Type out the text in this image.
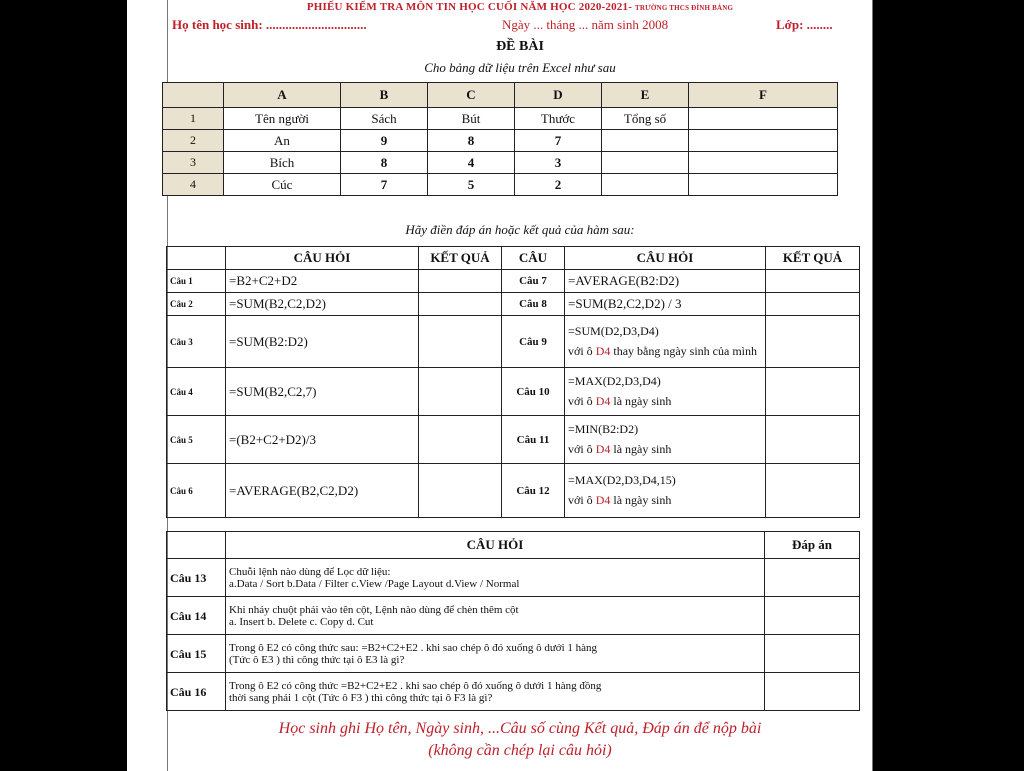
PHIẾU KIỂM TRA MÔN TIN HỌC CUỐI NĂM HỌC 2020-2021- TRƯỜNG THCS ĐÌNH BẢNG
Họ tên học sinh: ...............................	Ngày ... tháng ... năm sinh 2008	Lớp: ........
ĐỀ BÀI
Cho bảng dữ liệu trên Excel như sau
	A	B	C	D	E	F
1	Tên người	Sách	Bút	Thước	Tổng số	
2	An	9	8	7		
3	Bích	8	4	3		
4	Cúc	7	5	2		
Hãy điền đáp án hoặc kết quả của hàm sau:
	CÂU HỎI	KẾT QUẢ	CÂU	CÂU HỎI	KẾT QUẢ
Câu 1	=B2+C2+D2		Câu 7	=AVERAGE(B2:D2)	
Câu 2	=SUM(B2,C2,D2)		Câu 8	=SUM(B2,C2,D2) / 3	
Câu 3	=SUM(B2:D2)		Câu 9	=SUM(D2,D3,D4)
với ô D4 thay bằng ngày sinh của mình	

Câu 4	=SUM(B2,C2,7)		Câu 10	=MAX(D2,D3,D4)
với ô D4 là ngày sinh	

Câu 5	=(B2+C2+D2)/3		Câu 11	=MIN(B2:D2)
với ô D4 là ngày sinh	

Câu 6	=AVERAGE(B2,C2,D2)		Câu 12	=MAX(D2,D3,D4,15)
với ô D4 là ngày sinh	

	CÂU HỎI	Đáp án
Câu 13	Chuỗi lệnh nào dùng để Lọc dữ liệu:
a.Data / Sort b.Data / Filter c.View /Page Layout d.View / Normal	

Câu 14	Khi nháy chuột phải vào tên cột, Lệnh nào dùng để chèn thêm cột
a. Insert b. Delete c. Copy d. Cut	

Câu 15	Trong ô E2 có công thức sau: =B2+C2+E2 . khi sao chép ô đó xuống ô dưới 1 hàng
(Tức ô E3 ) thì công thức tại ô E3 là gì?	

Câu 16	Trong ô E2 có công thức =B2+C2+E2 . khi sao chép ô đó xuống ô dưới 1 hàng đồng
thời sang phải 1 cột (Tức ô F3 ) thì công thức tại ô F3 là gì?	

Học sinh ghi Họ tên, Ngày sinh, ...Câu số cùng Kết quả, Đáp án để nộp bài
(không cần chép lại câu hỏi)
